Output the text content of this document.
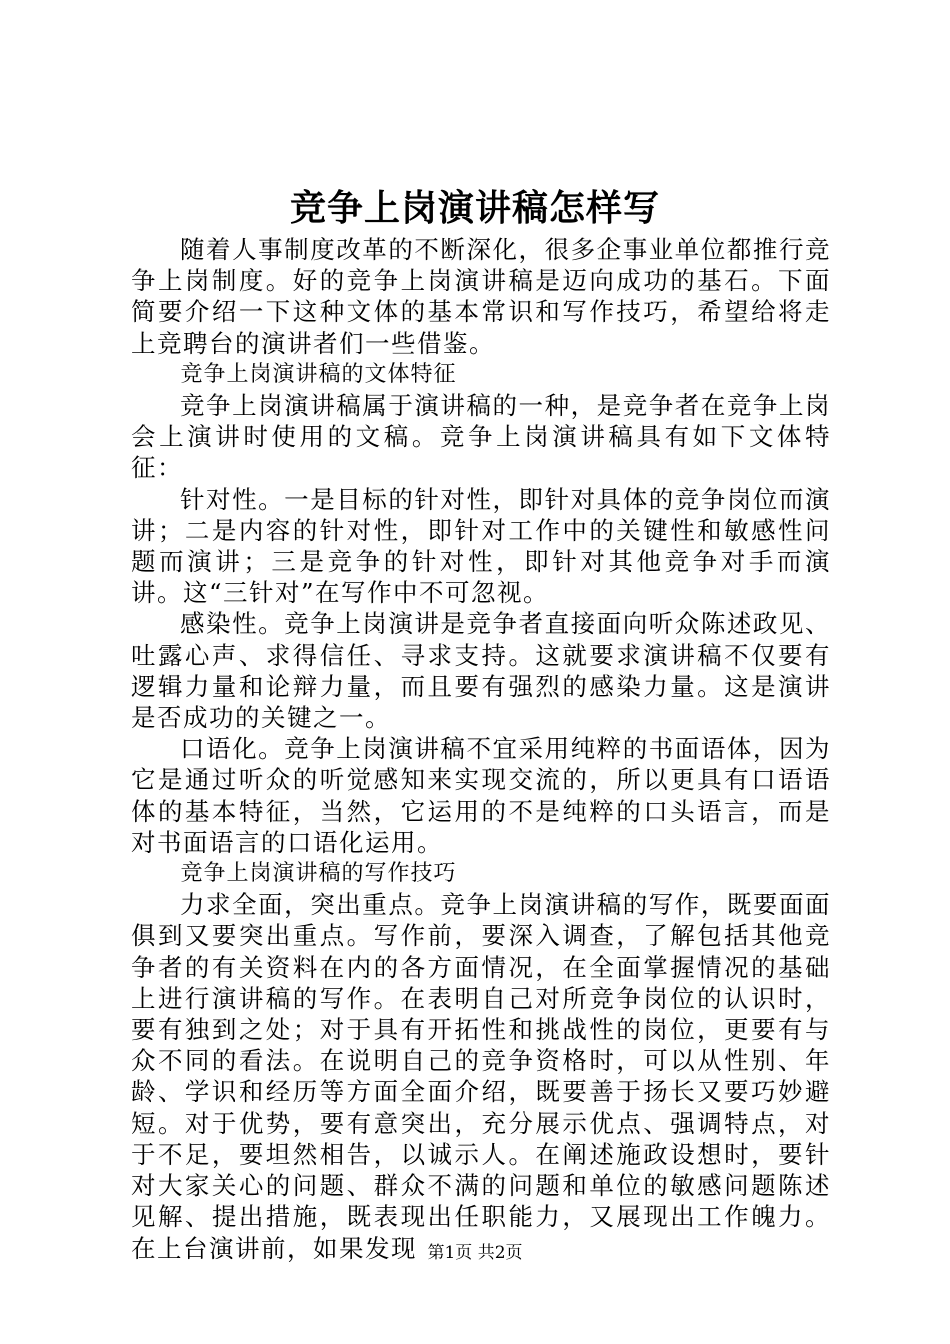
竞争上岗演讲稿怎样写

随着人事制度改革的不断深化，很多企事业单位都推行竞争上岗制度。好的竞争上岗演讲稿是迈向成功的基石。下面简要介绍一下这种文体的基本常识和写作技巧，希望给将走上竞聘台的演讲者们一些借鉴。

竞争上岗演讲稿的文体特征

竞争上岗演讲稿属于演讲稿的一种，是竞争者在竞争上岗会上演讲时使用的文稿。竞争上岗演讲稿具有如下文体特征：

针对性。一是目标的针对性，即针对具体的竞争岗位而演讲；二是内容的针对性，即针对工作中的关键性和敏感性问题而演讲；三是竞争的针对性，即针对其他竞争对手而演讲。这“三针对”在写作中不可忽视。

感染性。竞争上岗演讲是竞争者直接面向听众陈述政见、吐露心声、求得信任、寻求支持。这就要求演讲稿不仅要有逻辑力量和论辩力量，而且要有强烈的感染力量。这是演讲是否成功的关键之一。

口语化。竞争上岗演讲稿不宜采用纯粹的书面语体，因为它是通过听众的听觉感知来实现交流的，所以更具有口语语体的基本特征，当然，它运用的不是纯粹的口头语言，而是对书面语言的口语化运用。

竞争上岗演讲稿的写作技巧

力求全面，突出重点。竞争上岗演讲稿的写作，既要面面俱到又要突出重点。写作前，要深入调查，了解包括其他竞争者的有关资料在内的各方面情况，在全面掌握情况的基础上进行演讲稿的写作。在表明自己对所竞争岗位的认识时，要有独到之处；对于具有开拓性和挑战性的岗位，更要有与众不同的看法。在说明自己的竞争资格时，可以从性别、年龄、学识和经历等方面全面介绍，既要善于扬长又要巧妙避短。对于优势，要有意突出，充分展示优点、强调特点，对于不足，要坦然相告，以诚示人。在阐述施政设想时，要针对大家关心的问题、群众不满的问题和单位的敏感问题陈述见解、提出措施，既表现出任职能力，又展现出工作魄力。在上台演讲前，如果发现 第1页 共2页
